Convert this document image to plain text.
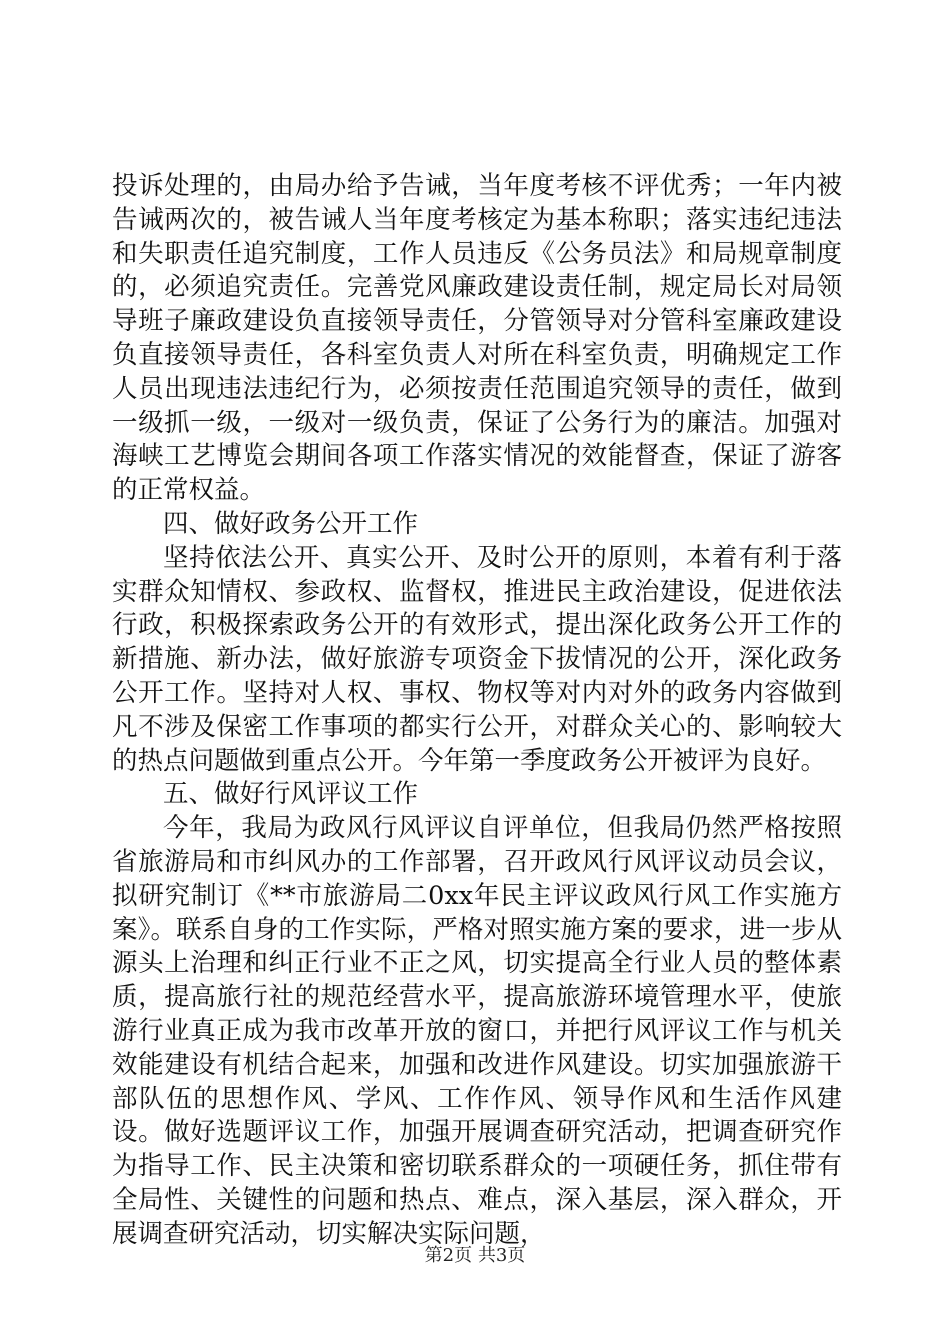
投诉处理的，由局办给予告诫，当年度考核不评优秀；一年内被告诫两次的，被告诫人当年度考核定为基本称职；落实违纪违法和失职责任追究制度，工作人员违反《公务员法》和局规章制度的，必须追究责任。完善党风廉政建设责任制，规定局长对局领导班子廉政建设负直接领导责任，分管领导对分管科室廉政建设负直接领导责任，各科室负责人对所在科室负责，明确规定工作人员出现违法违纪行为，必须按责任范围追究领导的责任，做到一级抓一级，一级对一级负责，保证了公务行为的廉洁。加强对海峡工艺博览会期间各项工作落实情况的效能督查，保证了游客的正常权益。

四、做好政务公开工作

坚持依法公开、真实公开、及时公开的原则，本着有利于落实群众知情权、参政权、监督权，推进民主政治建设，促进依法行政，积极探索政务公开的有效形式，提出深化政务公开工作的新措施、新办法，做好旅游专项资金下拔情况的公开，深化政务公开工作。坚持对人权、事权、物权等对内对外的政务内容做到凡不涉及保密工作事项的都实行公开，对群众关心的、影响较大的热点问题做到重点公开。今年第一季度政务公开被评为良好。

五、做好行风评议工作

今年，我局为政风行风评议自评单位，但我局仍然严格按照省旅游局和市纠风办的工作部署，召开政风行风评议动员会议，拟研究制订《**市旅游局二0xx年民主评议政风行风工作实施方案》。联系自身的工作实际，严格对照实施方案的要求，进一步从源头上治理和纠正行业不正之风，切实提高全行业人员的整体素质，提高旅行社的规范经营水平，提高旅游环境管理水平，使旅游行业真正成为我市改革开放的窗口，并把行风评议工作与机关效能建设有机结合起来，加强和改进作风建设。切实加强旅游干部队伍的思想作风、学风、工作作风、领导作风和生活作风建设。做好选题评议工作，加强开展调查研究活动，把调查研究作为指导工作、民主决策和密切联系群众的一项硬任务，抓住带有全局性、关键性的问题和热点、难点，深入基层，深入群众，开展调查研究活动，切实解决实际问题，

第2页 共3页
